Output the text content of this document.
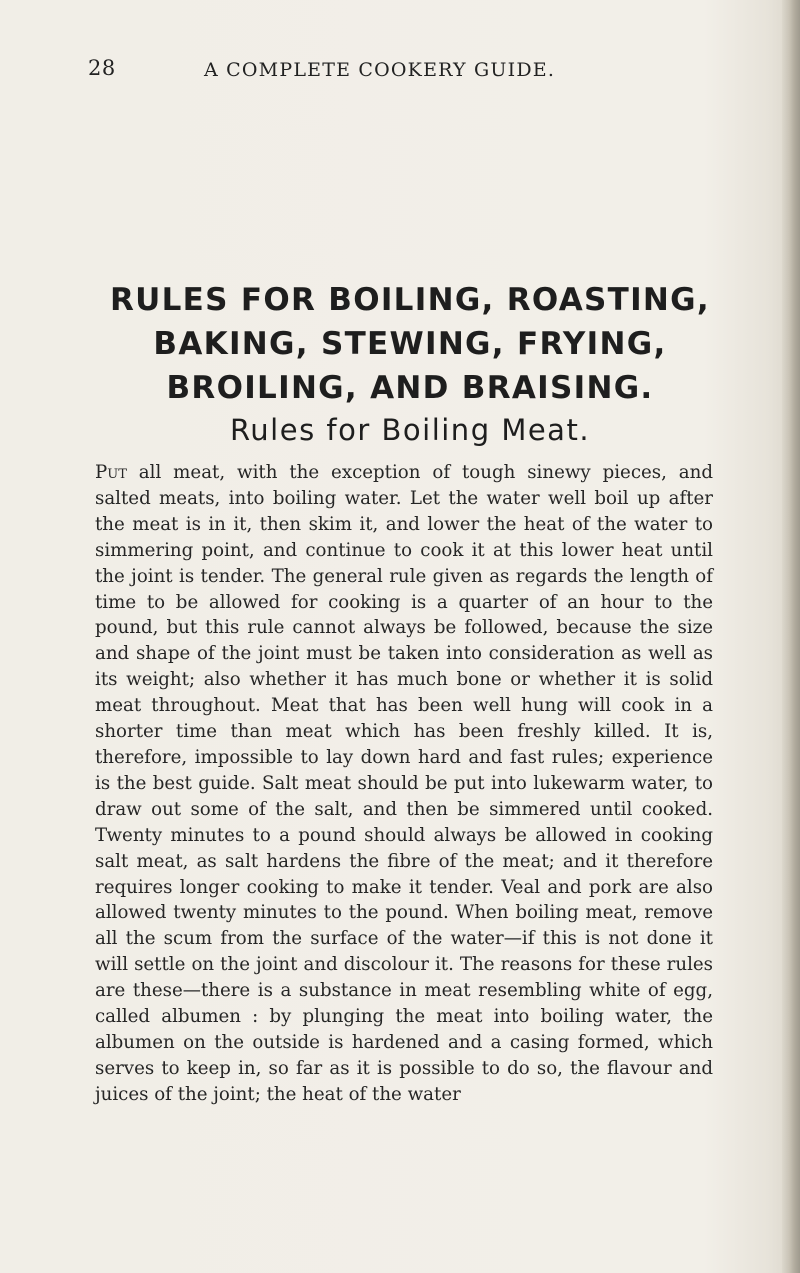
28	A COMPLETE COOKERY GUIDE.
RULES FOR BOILING, ROASTING,
BAKING, STEWING, FRYING,
BROILING, AND BRAISING.
Rules for Boiling Meat.
Put all meat, with the exception of tough sinewy pieces, and salted meats, into boiling water. Let the water well boil up after the meat is in it, then skim it, and lower the heat of the water to simmering point, and continue to cook it at this lower heat until the joint is tender. The general rule given as regards the length of time to be allowed for cooking is a quarter of an hour to the pound, but this rule cannot always be followed, because the size and shape of the joint must be taken into consideration as well as its weight; also whether it has much bone or whether it is solid meat throughout. Meat that has been well hung will cook in a shorter time than meat which has been freshly killed. It is, therefore, impossible to lay down hard and fast rules; experience is the best guide. Salt meat should be put into lukewarm water, to draw out some of the salt, and then be simmered until cooked. Twenty minutes to a pound should always be allowed in cooking salt meat, as salt hardens the fibre of the meat; and it therefore requires longer cooking to make it tender. Veal and pork are also allowed twenty minutes to the pound. When boiling meat, remove all the scum from the surface of the water—if this is not done it will settle on the joint and discolour it. The reasons for these rules are these—there is a substance in meat resembling white of egg, called albumen : by plunging the meat into boiling water, the albumen on the outside is hardened and a casing formed, which serves to keep in, so far as it is possible to do so, the flavour and juices of the joint; the heat of the water
